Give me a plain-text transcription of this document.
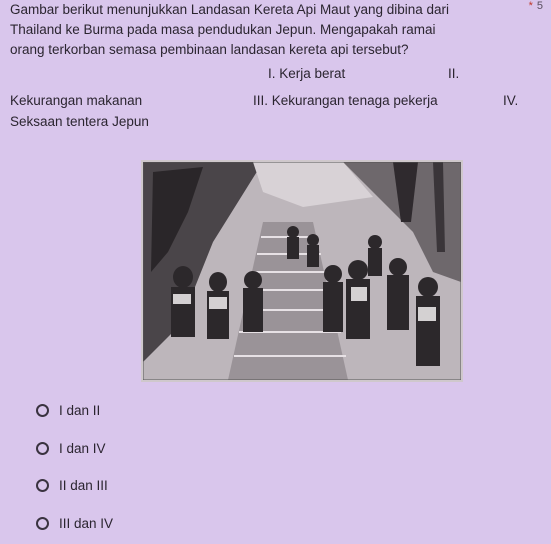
Gambar berikut menunjukkan Landasan Kereta Api Maut yang dibina dari
Thailand ke Burma pada masa pendudukan Jepun. Mengapakah ramai
orang terkorban semasa pembinaan landasan kereta api tersebut?
* 5
I. Kerja berat	II.
Kekurangan makanan	III. Kekurangan tenaga pekerja	IV.
Seksaan tentera Jepun
I dan II
I dan IV
II dan III
III dan IV
